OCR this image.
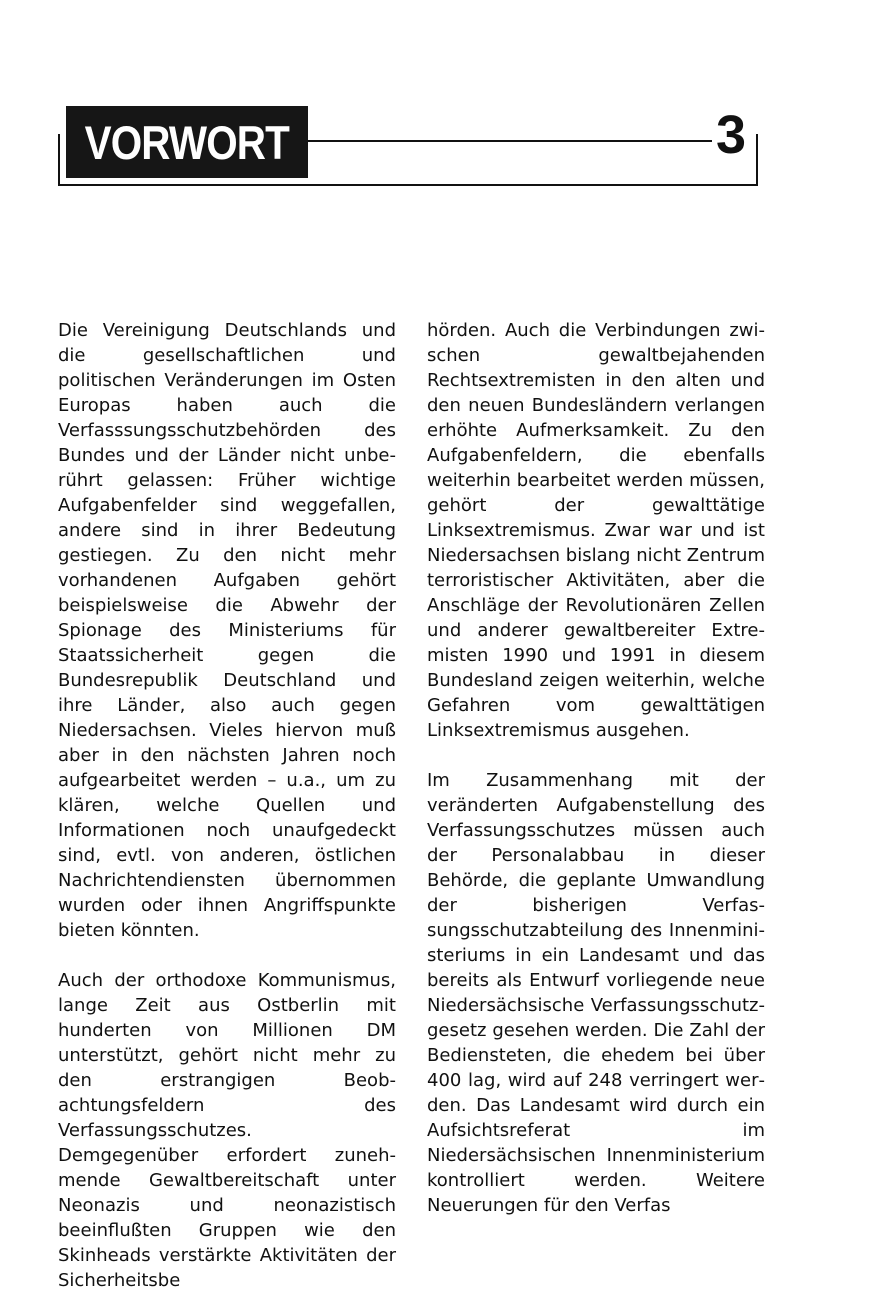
VORWORT	3

Die Vereinigung Deutschlands und die gesellschaftlichen und politischen Veränderungen im Osten Europas haben auch die Verfasssungsschutzbehörden des Bundes und der Länder nicht unberührt gelassen: Früher wichtige Aufgabenfelder sind weggefallen, andere sind in ihrer Bedeutung gestiegen. Zu den nicht mehr vorhandenen Aufgaben gehört beispielsweise die Abwehr der Spionage des Ministeriums für Staatssicherheit gegen die Bundesrepublik Deutschland und ihre Länder, also auch gegen Niedersachsen. Vieles hiervon muß aber in den nächsten Jahren noch aufgearbeitet werden – u.a., um zu klären, welche Quellen und Informationen noch unaufgedeckt sind, evtl. von anderen, östlichen Nachrichtendiensten übernommen wurden oder ihnen Angriffspunkte bieten könnten.

Auch der orthodoxe Kommunismus, lange Zeit aus Ostberlin mit hunderten von Millionen DM unterstützt, gehört nicht mehr zu den erstrangigen Beobachtungsfeldern des Verfassungsschutzes. Demgegenüber erfordert zunehmende Gewaltbereitschaft unter Neonazis und neonazistisch beeinflußten Gruppen wie den Skinheads verstärkte Aktivitäten der Sicherheitsbe

hörden. Auch die Verbindungen zwischen gewaltbejahenden Rechtsextremisten in den alten und den neuen Bundesländern verlangen erhöhte Aufmerksamkeit. Zu den Aufgabenfeldern, die ebenfalls weiterhin bearbeitet werden müssen, gehört der gewalttätige Linksextremismus. Zwar war und ist Niedersachsen bislang nicht Zentrum terroristischer Aktivitäten, aber die Anschläge der Revolutionären Zellen und anderer gewaltbereiter Extremisten 1990 und 1991 in diesem Bundesland zeigen weiterhin, welche Gefahren vom gewalttätigen Linksextremismus ausgehen.

Im Zusammenhang mit der veränderten Aufgabenstellung des Verfassungsschutzes müssen auch der Personalabbau in dieser Behörde, die geplante Umwandlung der bisherigen Verfassungsschutzabteilung des Innenministeriums in ein Landesamt und das bereits als Entwurf vorliegende neue Niedersächsische Verfassungsschutzgesetz gesehen werden. Die Zahl der Bediensteten, die ehedem bei über 400 lag, wird auf 248 verringert werden. Das Landesamt wird durch ein Aufsichtsreferat im Niedersächsischen Innenministerium kontrolliert werden. Weitere Neuerungen für den Verfas
